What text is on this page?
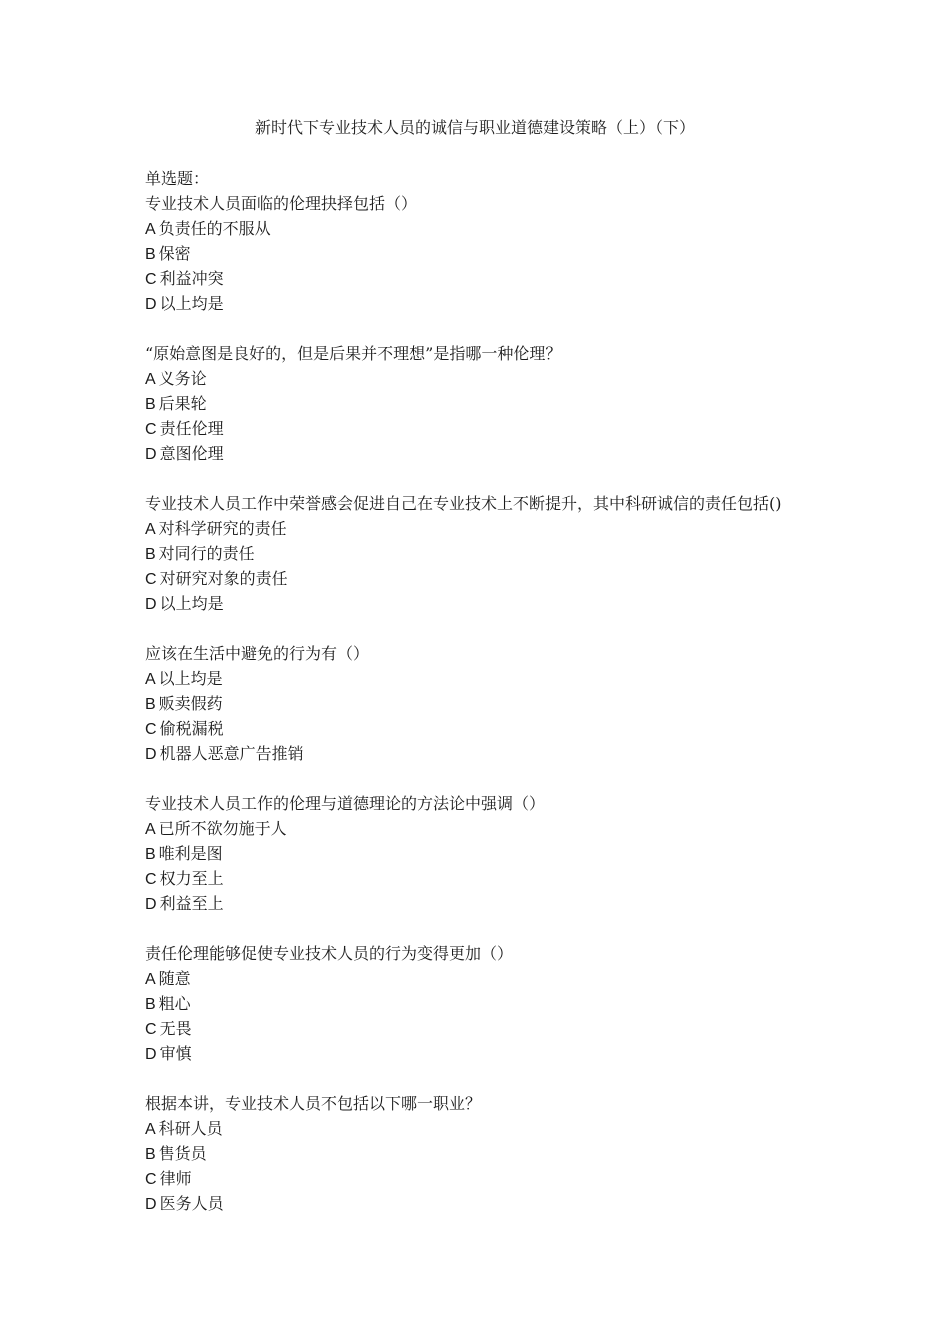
新时代下专业技术人员的诚信与职业道德建设策略（上）（下）
单选题：
专业技术人员面临的伦理抉择包括（）
A 负责任的不服从
B 保密
C 利益冲突
D 以上均是
“原始意图是良好的，但是后果并不理想”是指哪一种伦理？
A 义务论
B 后果轮
C 责任伦理
D 意图伦理
专业技术人员工作中荣誉感会促进自己在专业技术上不断提升，其中科研诚信的责任包括()
A 对科学研究的责任
B 对同行的责任
C 对研究对象的责任
D 以上均是
应该在生活中避免的行为有（）
A 以上均是
B 贩卖假药
C 偷税漏税
D 机器人恶意广告推销
专业技术人员工作的伦理与道德理论的方法论中强调（）
A 已所不欲勿施于人
B 唯利是图
C 权力至上
D 利益至上
责任伦理能够促使专业技术人员的行为变得更加（）
A 随意
B 粗心
C 无畏
D 审慎
根据本讲，专业技术人员不包括以下哪一职业？
A 科研人员
B 售货员
C 律师
D 医务人员
